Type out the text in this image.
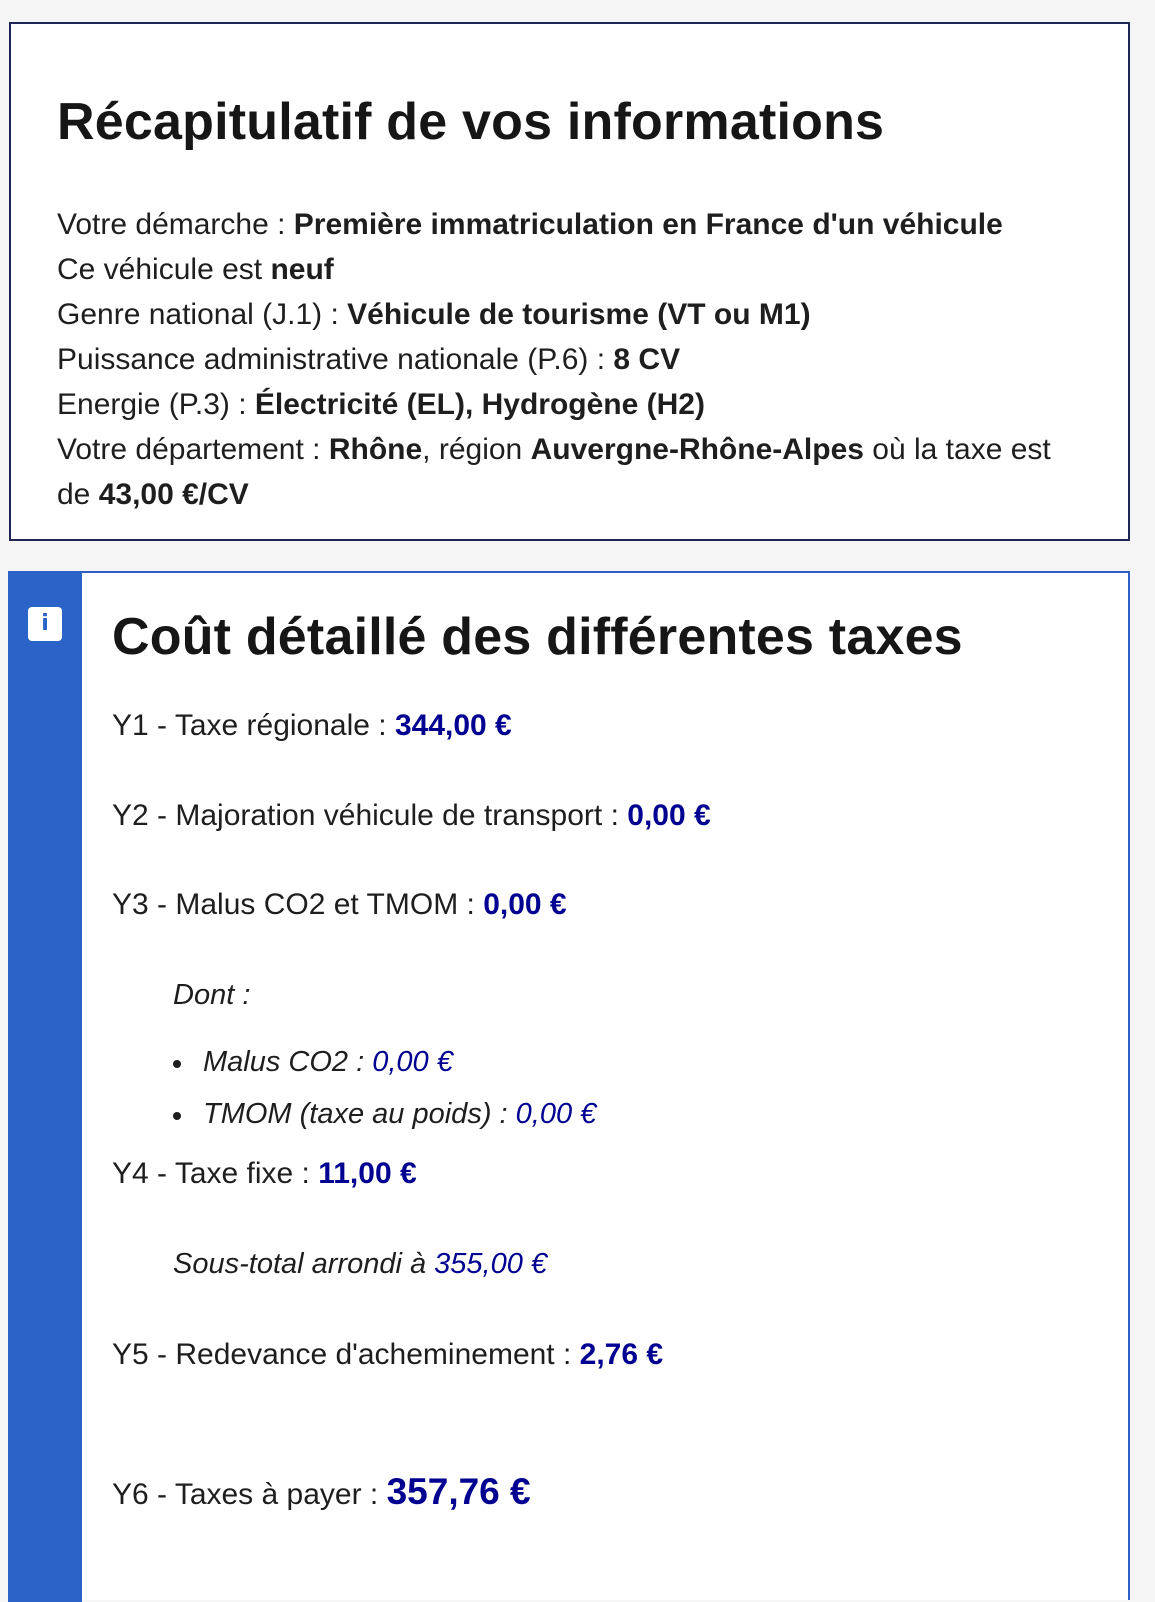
Récapitulatif de vos informations
Votre démarche : Première immatriculation en France d'un véhicule
Ce véhicule est neuf
Genre national (J.1) : Véhicule de tourisme (VT ou M1)
Puissance administrative nationale (P.6) : 8 CV
Energie (P.3) : Électricité (EL), Hydrogène (H2)
Votre département : Rhône, région Auvergne-Rhône-Alpes où la taxe est de 43,00 €/CV
i Coût détaillé des différentes taxes
Y1 - Taxe régionale : 344,00 €
Y2 - Majoration véhicule de transport : 0,00 €
Y3 - Malus CO2 et TMOM : 0,00 €
Dont :
Malus CO2 : 0,00 €
TMOM (taxe au poids) : 0,00 €
Y4 - Taxe fixe : 11,00 €
Sous-total arrondi à 355,00 €
Y5 - Redevance d'acheminement : 2,76 €
Y6 - Taxes à payer : 357,76 €
